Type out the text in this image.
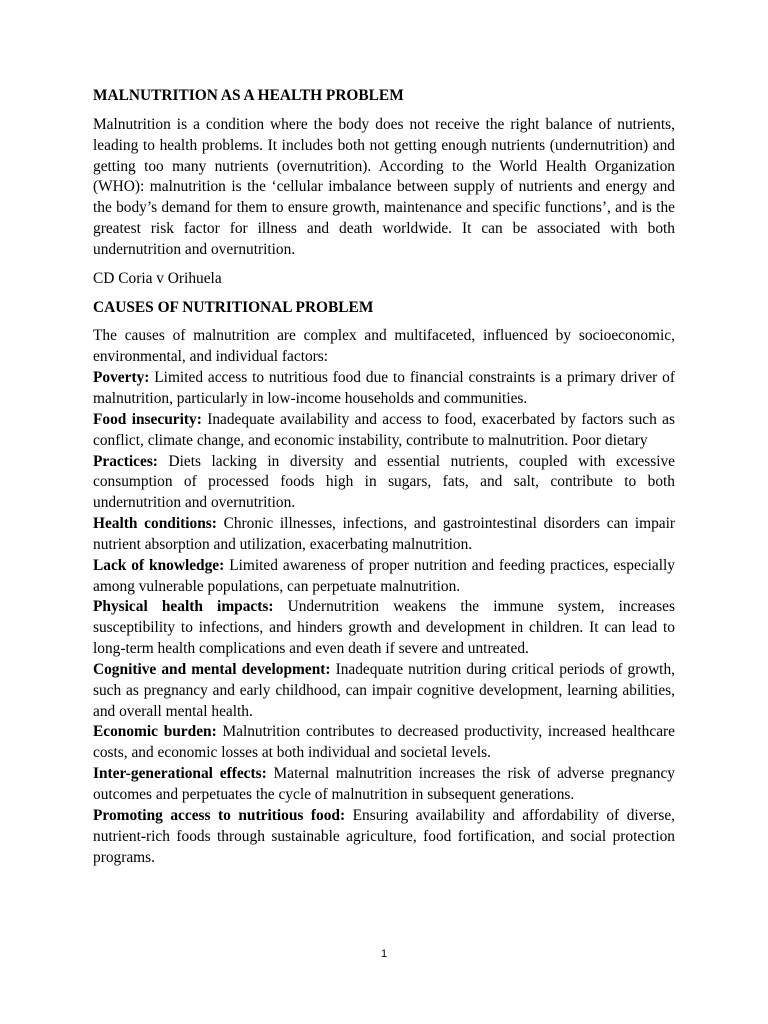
MALNUTRITION AS A HEALTH PROBLEM

Malnutrition is a condition where the body does not receive the right balance of nutrients, leading to health problems. It includes both not getting enough nutrients (undernutrition) and getting too many nutrients (overnutrition). According to the World Health Organization (WHO): malnutrition is the ‘cellular imbalance between supply of nutrients and energy and the body’s demand for them to ensure growth, maintenance and specific functions’, and is the greatest risk factor for illness and death worldwide. It can be associated with both undernutrition and overnutrition.

CD Coria v Orihuela

CAUSES OF NUTRITIONAL PROBLEM

The causes of malnutrition are complex and multifaceted, influenced by socioeconomic, environmental, and individual factors:

Poverty: Limited access to nutritious food due to financial constraints is a primary driver of malnutrition, particularly in low-income households and communities.

Food insecurity: Inadequate availability and access to food, exacerbated by factors such as conflict, climate change, and economic instability, contribute to malnutrition. Poor dietary

Practices: Diets lacking in diversity and essential nutrients, coupled with excessive consumption of processed foods high in sugars, fats, and salt, contribute to both undernutrition and overnutrition.

Health conditions: Chronic illnesses, infections, and gastrointestinal disorders can impair nutrient absorption and utilization, exacerbating malnutrition.

Lack of knowledge: Limited awareness of proper nutrition and feeding practices, especially among vulnerable populations, can perpetuate malnutrition.

Physical health impacts: Undernutrition weakens the immune system, increases susceptibility to infections, and hinders growth and development in children. It can lead to long-term health complications and even death if severe and untreated.

Cognitive and mental development: Inadequate nutrition during critical periods of growth, such as pregnancy and early childhood, can impair cognitive development, learning abilities, and overall mental health.

Economic burden: Malnutrition contributes to decreased productivity, increased healthcare costs, and economic losses at both individual and societal levels.

Inter-generational effects: Maternal malnutrition increases the risk of adverse pregnancy outcomes and perpetuates the cycle of malnutrition in subsequent generations.

Promoting access to nutritious food: Ensuring availability and affordability of diverse, nutrient-rich foods through sustainable agriculture, food fortification, and social protection programs.

1
